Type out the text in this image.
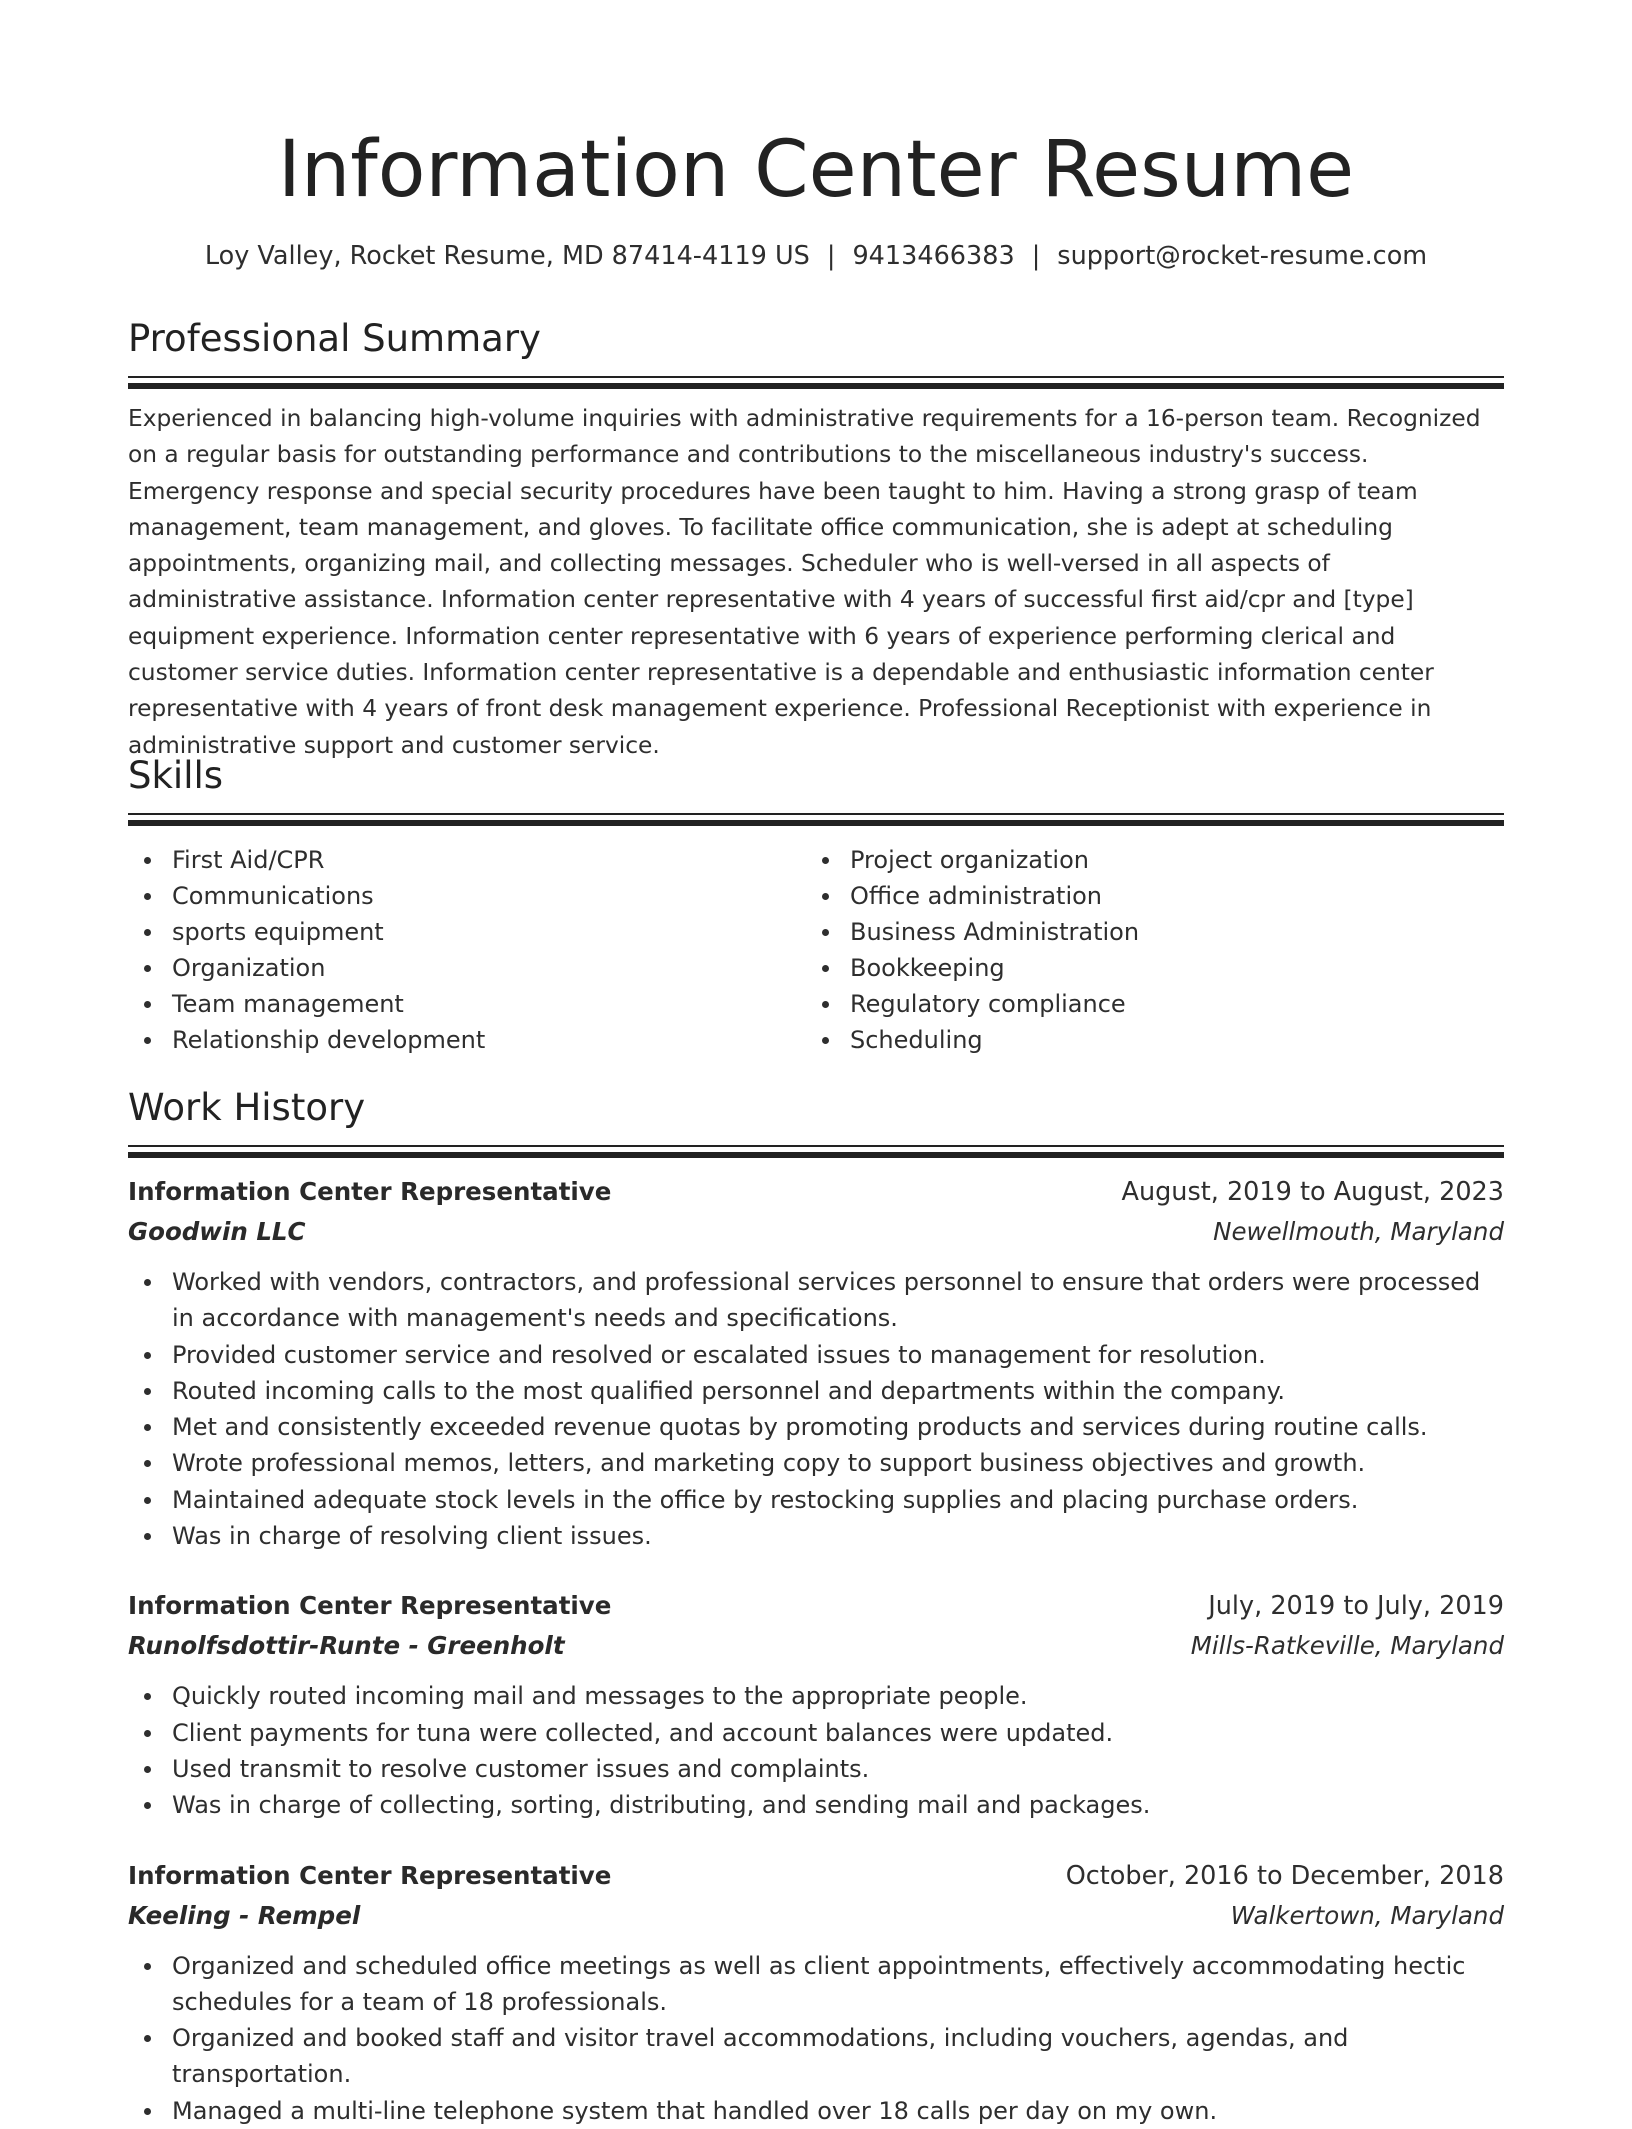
Information Center Resume
Loy Valley, Rocket Resume, MD 87414-4119 US | 9413466383 | support@rocket-resume.com
Professional Summary
Experienced in balancing high-volume inquiries with administrative requirements for a 16-person team. Recognized on a regular basis for outstanding performance and contributions to the miscellaneous industry's success. Emergency response and special security procedures have been taught to him. Having a strong grasp of team management, team management, and gloves. To facilitate office communication, she is adept at scheduling appointments, organizing mail, and collecting messages. Scheduler who is well-versed in all aspects of administrative assistance. Information center representative with 4 years of successful first aid/cpr and [type] equipment experience. Information center representative with 6 years of experience performing clerical and customer service duties. Information center representative is a dependable and enthusiastic information center representative with 4 years of front desk management experience. Professional Receptionist with experience in administrative support and customer service.
Skills
First Aid/CPR
Communications
sports equipment
Organization
Team management
Relationship development
Project organization
Office administration
Business Administration
Bookkeeping
Regulatory compliance
Scheduling
Work History
Information Center Representative	August, 2019 to August, 2023
Goodwin LLC	Newellmouth, Maryland
Worked with vendors, contractors, and professional services personnel to ensure that orders were processed in accordance with management's needs and specifications.
Provided customer service and resolved or escalated issues to management for resolution.
Routed incoming calls to the most qualified personnel and departments within the company.
Met and consistently exceeded revenue quotas by promoting products and services during routine calls.
Wrote professional memos, letters, and marketing copy to support business objectives and growth.
Maintained adequate stock levels in the office by restocking supplies and placing purchase orders.
Was in charge of resolving client issues.
Information Center Representative	July, 2019 to July, 2019
Runolfsdottir-Runte - Greenholt	Mills-Ratkeville, Maryland
Quickly routed incoming mail and messages to the appropriate people.
Client payments for tuna were collected, and account balances were updated.
Used transmit to resolve customer issues and complaints.
Was in charge of collecting, sorting, distributing, and sending mail and packages.
Information Center Representative	October, 2016 to December, 2018
Keeling - Rempel	Walkertown, Maryland
Organized and scheduled office meetings as well as client appointments, effectively accommodating hectic schedules for a team of 18 professionals.
Organized and booked staff and visitor travel accommodations, including vouchers, agendas, and transportation.
Managed a multi-line telephone system that handled over 18 calls per day on my own.
